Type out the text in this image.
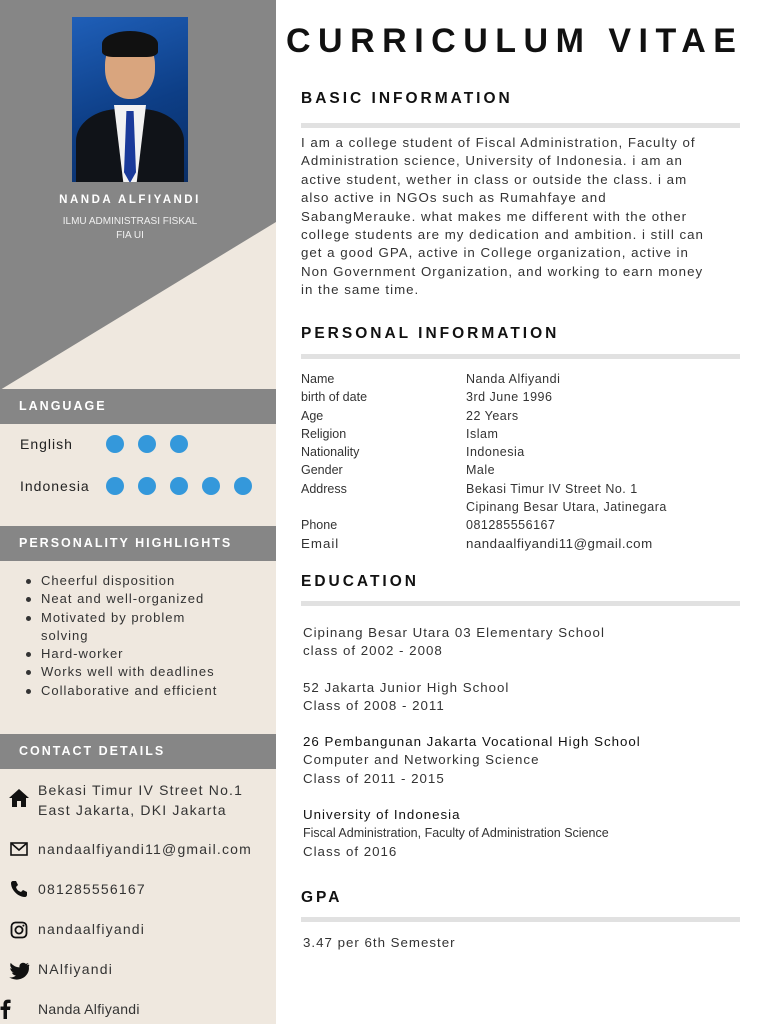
NANDA ALFIYANDI
ILMU ADMINISTRASI FISKAL
FIA UI
LANGUAGE
English
Indonesia
PERSONALITY HIGHLIGHTS
Cheerful disposition
Neat and well-organized
Motivated by problem
solving
Hard-worker
Works well with deadlines
Collaborative and efficient
CONTACT DETAILS
Bekasi Timur IV Street No.1
East Jakarta, DKI Jakarta
nandaalfiyandi11@gmail.com
081285556167
nandaalfiyandi
NAlfiyandi
Nanda Alfiyandi
CURRICULUM VITAE
BASIC INFORMATION
I am a college student of Fiscal Administration, Faculty of
Administration science, University of Indonesia. i am an
active student, wether in class or outside the class. i am
also active in NGOs such as Rumahfaye and
SabangMerauke. what makes me different with the other
college students are my dedication and ambition. i still can
get a good GPA, active in College organization, active in
Non Government Organization, and working to earn money
in the same time.
PERSONAL INFORMATION
Name	Nanda Alfiyandi
birth of date	3rd June 1996
Age	22 Years
Religion	Islam
Nationality	Indonesia
Gender	Male
Address	Bekasi Timur IV Street No. 1
Cipinang Besar Utara, Jatinegara
Phone	081285556167
Email	nandaalfiyandi11@gmail.com
EDUCATION
Cipinang Besar Utara 03 Elementary School
class of 2002 - 2008
52 Jakarta Junior High School
Class of 2008 - 2011
26 Pembangunan Jakarta Vocational High School
Computer and Networking Science
Class of 2011 - 2015
University of Indonesia
Fiscal Administration, Faculty of Administration Science
Class of 2016
GPA
3.47 per 6th Semester
